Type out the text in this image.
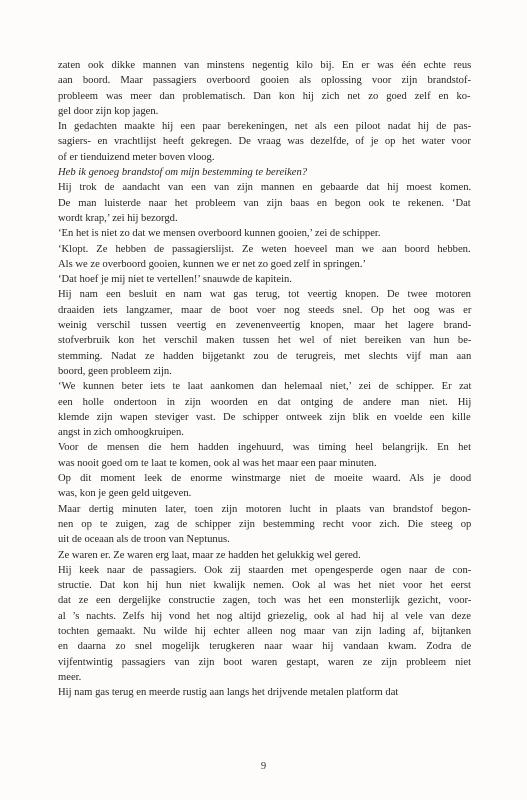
zaten ook dikke mannen van minstens negentig kilo bij. En er was één echte reus
aan boord. Maar passagiers overboord gooien als oplossing voor zijn brandstof-
probleem was meer dan problematisch. Dan kon hij zich net zo goed zelf en ko-
gel door zijn kop jagen.
In gedachten maakte hij een paar berekeningen, net als een piloot nadat hij de pas-
sagiers- en vrachtlijst heeft gekregen. De vraag was dezelfde, of je op het water voor
of er tienduizend meter boven vloog.
Heb ik genoeg brandstof om mijn bestemming te bereiken?
Hij trok de aandacht van een van zijn mannen en gebaarde dat hij moest komen.
De man luisterde naar het probleem van zijn baas en begon ook te rekenen. ‘Dat
wordt krap,’ zei hij bezorgd.
‘En het is niet zo dat we mensen overboord kunnen gooien,’ zei de schipper.
‘Klopt. Ze hebben de passagierslijst. Ze weten hoeveel man we aan boord hebben.
Als we ze overboord gooien, kunnen we er net zo goed zelf in springen.’
‘Dat hoef je mij niet te vertellen!’ snauwde de kapitein.
Hij nam een besluit en nam wat gas terug, tot veertig knopen. De twee motoren
draaiden iets langzamer, maar de boot voer nog steeds snel. Op het oog was er
weinig verschil tussen veertig en zevenenveertig knopen, maar het lagere brand-
stofverbruik kon het verschil maken tussen het wel of niet bereiken van hun be-
stemming. Nadat ze hadden bijgetankt zou de terugreis, met slechts vijf man aan
boord, geen probleem zijn.
‘We kunnen beter iets te laat aankomen dan helemaal niet,’ zei de schipper. Er zat
een holle ondertoon in zijn woorden en dat ontging de andere man niet. Hij
klemde zijn wapen steviger vast. De schipper ontweek zijn blik en voelde een kille
angst in zich omhoogkruipen.
Voor de mensen die hem hadden ingehuurd, was timing heel belangrijk. En het
was nooit goed om te laat te komen, ook al was het maar een paar minuten.
Op dit moment leek de enorme winstmarge niet de moeite waard. Als je dood
was, kon je geen geld uitgeven.
Maar dertig minuten later, toen zijn motoren lucht in plaats van brandstof begon-
nen op te zuigen, zag de schipper zijn bestemming recht voor zich. Die steeg op
uit de oceaan als de troon van Neptunus.
Ze waren er. Ze waren erg laat, maar ze hadden het gelukkig wel gered.
Hij keek naar de passagiers. Ook zij staarden met opengesperde ogen naar de con-
structie. Dat kon hij hun niet kwalijk nemen. Ook al was het niet voor het eerst
dat ze een dergelijke constructie zagen, toch was het een monsterlijk gezicht, voor-
al ’s nachts. Zelfs hij vond het nog altijd griezelig, ook al had hij al vele van deze
tochten gemaakt. Nu wilde hij echter alleen nog maar van zijn lading af, bijtanken
en daarna zo snel mogelijk terugkeren naar waar hij vandaan kwam. Zodra de
vijfentwintig passagiers van zijn boot waren gestapt, waren ze zijn probleem niet
meer.
Hij nam gas terug en meerde rustig aan langs het drijvende metalen platform dat
9
